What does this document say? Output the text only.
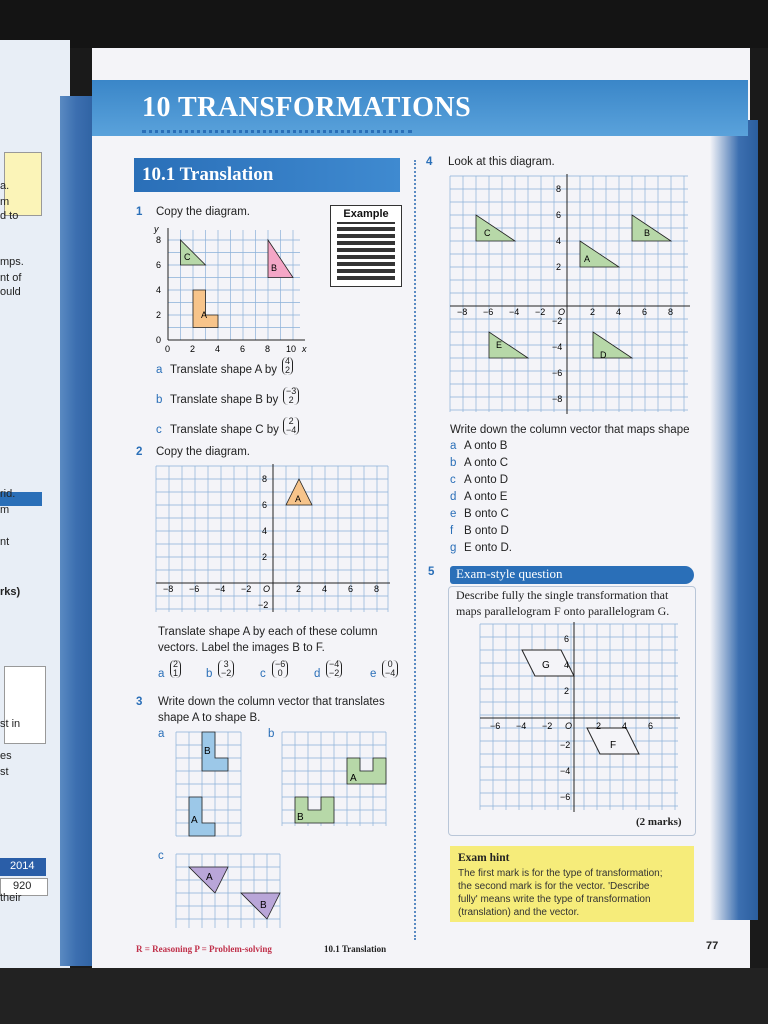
a.
m
d to
mps.
nt of
ould
rid.
m
nt
rks)
st in
es
st
2014
920
their
10 TRANSFORMATIONS
10.1 Translation
1 Copy the diagram.	Example
A
B
C
y
x
8
6
4
2
0
0 2 4 6 8 10
a Translate shape A by
4
2
b Translate shape B by
−3
2
c Translate shape C by
2
−4
2 Copy the diagram.
A
8
6
4
2
−2
−8 −6 −4 −2 O	2 4 6 8
Translate shape A by each of these column
vectors. Label the images B to F.
a
2
1 b
3
−2 c
−6
0	d
−4
−2	e
0
−4
3 Write down the column vector that translates
shape A to shape B.
a	b
c
B
A
A
B
A
B
4 Look at this diagram.
C	B
A
E
D
8
6
4
2
−2
−4
−6
−8
−8 −6 −4 −2 O	2 4 6 8
Write down the column vector that maps shape
a A onto B
b A onto C
c A onto D
d A onto E
e B onto C
f B onto D
g E onto D.
5 Exam-style question
Describe fully the single transformation that
maps parallelogram F onto parallelogram G.
G
F
6
4
2
−2
−4
−6
−6 −4 −2 O	2 4 6
(2 marks)
Exam hint
The first mark is for the type of transformation;
the second mark is for the vector. 'Describe
fully' means write the type of transformation
(translation) and the vector.
R = Reasoning P = Problem-solving	10.1 Translation	77
